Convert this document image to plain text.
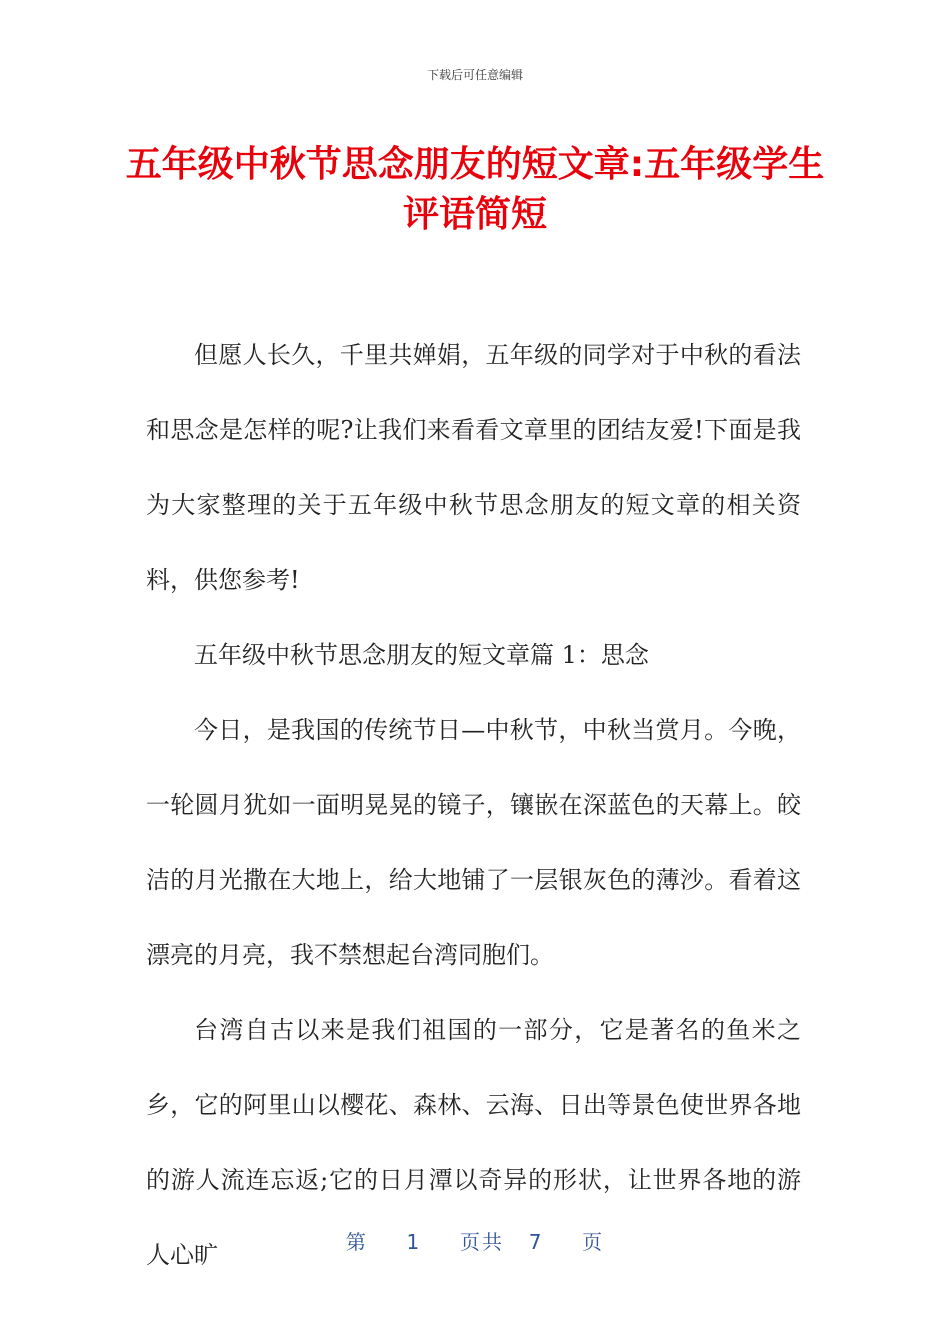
下载后可任意编辑
五年级中秋节思念朋友的短文章:五年级学生评语简短

但愿人长久，千里共婵娟，五年级的同学对于中秋的看法和思念是怎样的呢?让我们来看看文章里的团结友爱!下面是我为大家整理的关于五年级中秋节思念朋友的短文章的相关资料，供您参考!

五年级中秋节思念朋友的短文章篇 1：思念

今日，是我国的传统节日—中秋节，中秋当赏月。今晚，一轮圆月犹如一面明晃晃的镜子，镶嵌在深蓝色的天幕上。皎洁的月光撒在大地上，给大地铺了一层银灰色的薄沙。看着这漂亮的月亮，我不禁想起台湾同胞们。

台湾自古以来是我们祖国的一部分，它是著名的鱼米之乡，它的阿里山以樱花、森林、云海、日出等景色使世界各地的游人流连忘返;它的日月潭以奇异的形状，让世界各地的游人心旷	第 1 页共 7 页
